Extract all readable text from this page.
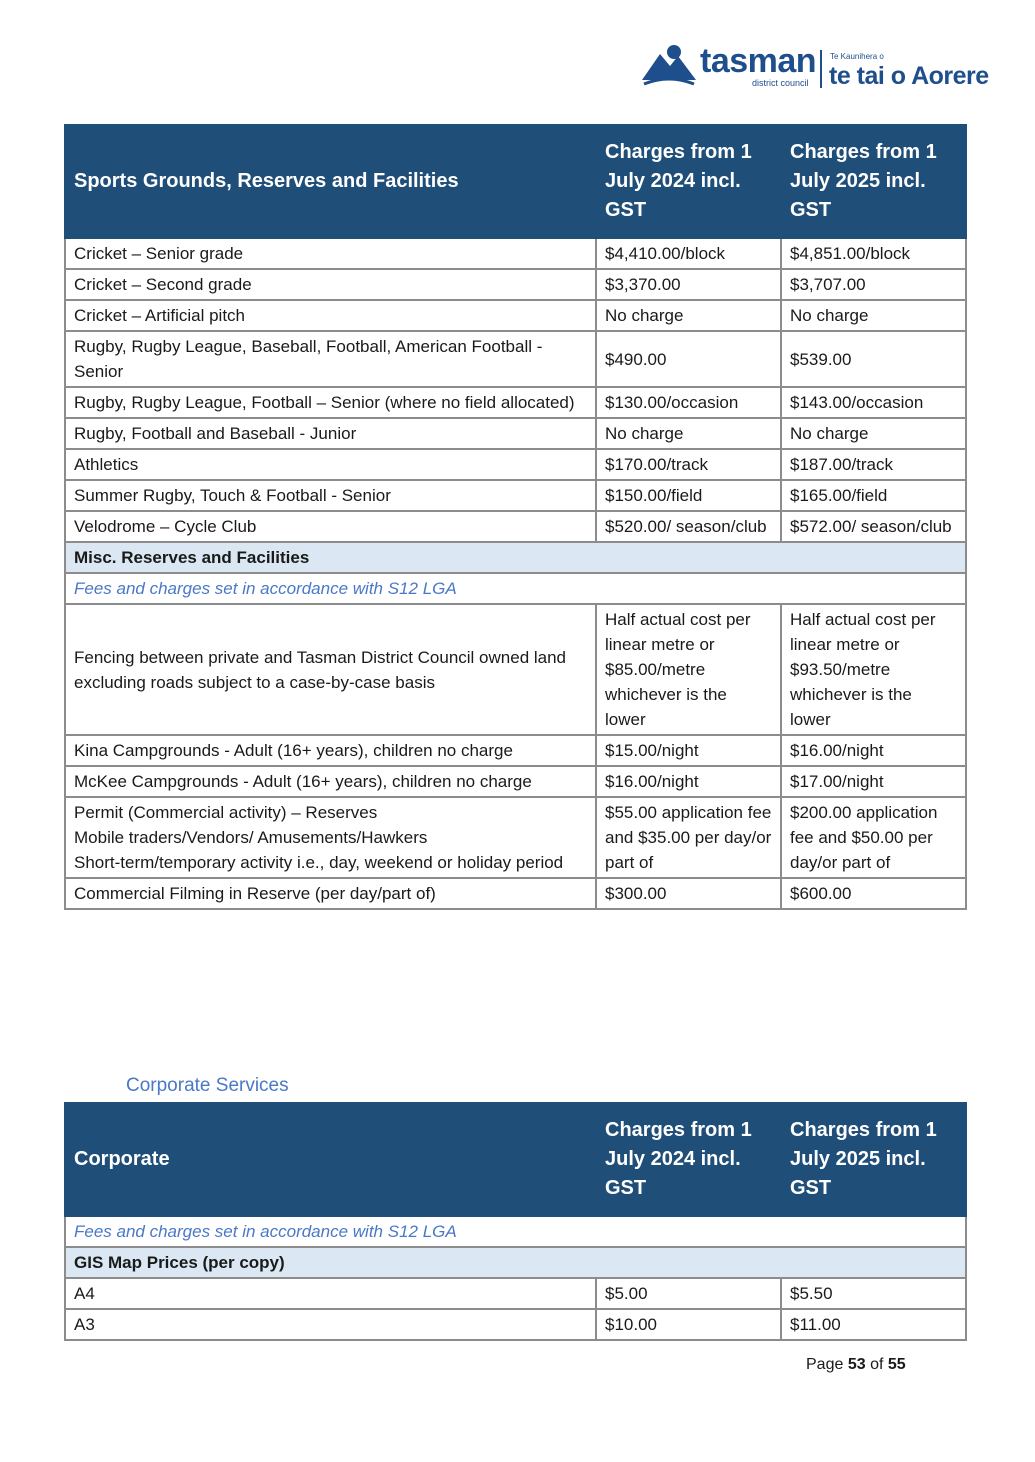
tasman
district council
Te Kaunihera o
te tai o Aorere
Sports Grounds, Reserves and Facilities	Charges from 1 July 2024 incl. GST	Charges from 1 July 2025 incl. GST
Cricket – Senior grade	$4,410.00/block	$4,851.00/block
Cricket – Second grade	$3,370.00	$3,707.00
Cricket – Artificial pitch	No charge	No charge
Rugby, Rugby League, Baseball, Football, American Football - Senior	$490.00	$539.00
Rugby, Rugby League, Football – Senior (where no field allocated)	$130.00/occasion	$143.00/occasion
Rugby, Football and Baseball - Junior	No charge	No charge
Athletics	$170.00/track	$187.00/track
Summer Rugby, Touch & Football - Senior	$150.00/field	$165.00/field
Velodrome – Cycle Club	$520.00/ season/club	$572.00/ season/club
Misc. Reserves and Facilities		
Fees and charges set in accordance with S12 LGA		
Fencing between private and Tasman District Council owned land excluding roads subject to a case-by-case basis	Half actual cost per linear metre or $85.00/metre whichever is the lower	Half actual cost per linear metre or $93.50/metre whichever is the lower
Kina Campgrounds - Adult (16+ years), children no charge	$15.00/night	$16.00/night
McKee Campgrounds - Adult (16+ years), children no charge	$16.00/night	$17.00/night

Permit (Commercial activity) – Reserves
Mobile traders/Vendors/ Amusements/Hawkers
Short-term/temporary activity i.e., day, weekend or holiday period	$55.00 application fee and $35.00 per day/or part of	$200.00 application fee and $50.00 per day/or part of
Commercial Filming in Reserve (per day/part of)	$300.00	$600.00
Corporate Services
Corporate	Charges from 1 July 2024 incl. GST	Charges from 1 July 2025 incl. GST
Fees and charges set in accordance with S12 LGA		
GIS Map Prices (per copy)		
A4	$5.00	$5.50
A3	$10.00	$11.00
Page 53 of 55
